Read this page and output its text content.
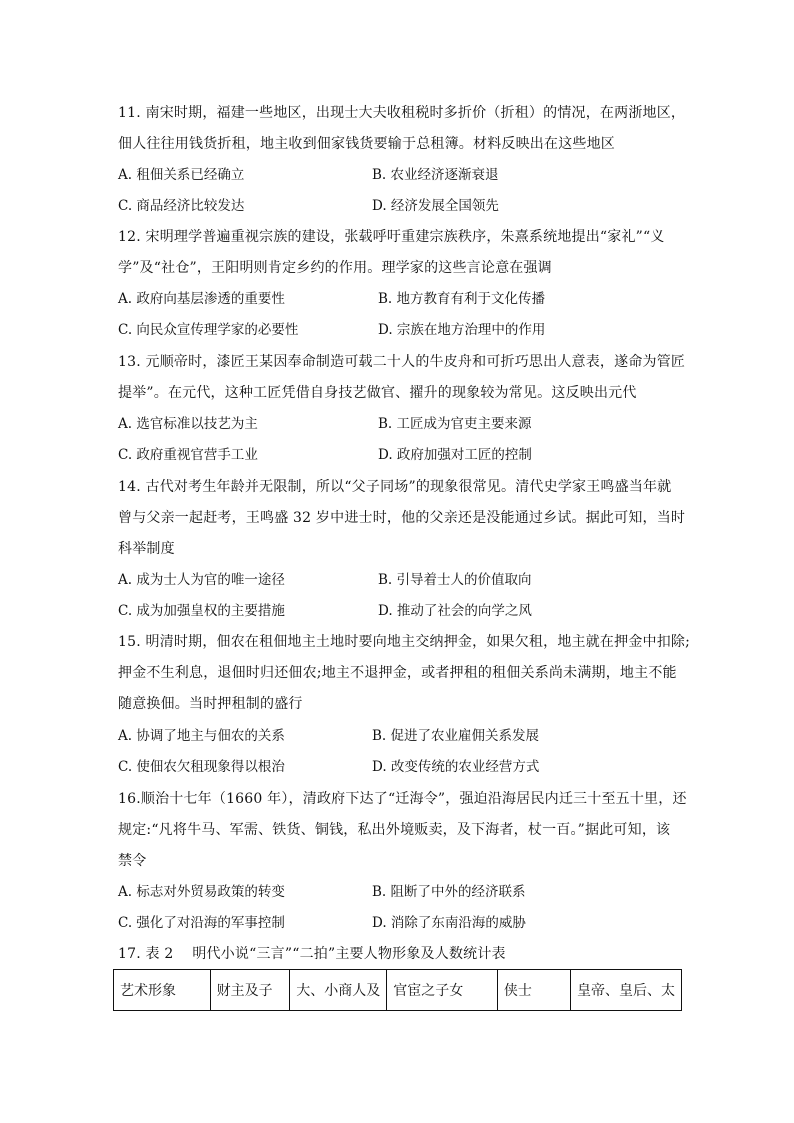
11. 南宋时期，福建一些地区，出现士大夫收租税时多折价（折租）的情况，在两浙地区，
佃人往往用钱货折租，地主收到佃家钱货要输于总租簿。材料反映出在这些地区
A. 租佃关系已经确立	B. 农业经济逐渐衰退
C. 商品经济比较发达	D. 经济发展全国领先
12. 宋明理学普遍重视宗族的建设，张载呼吁重建宗族秩序，朱熹系统地提出“家礼”“义
学”及“社仓”，王阳明则肯定乡约的作用。理学家的这些言论意在强调
A. 政府向基层渗透的重要性	B. 地方教育有利于文化传播
C. 向民众宣传理学家的必要性	D. 宗族在地方治理中的作用
13. 元顺帝时，漆匠王某因奉命制造可载二十人的牛皮舟和可折巧思出人意表，遂命为管匠
提举”。在元代，这种工匠凭借自身技艺做官、擢升的现象较为常见。这反映出元代
A. 选官标准以技艺为主	B. 工匠成为官吏主要来源
C. 政府重视官营手工业	D. 政府加强对工匠的控制
14. 古代对考生年龄并无限制，所以“父子同场”的现象很常见。清代史学家王鸣盛当年就
曾与父亲一起赶考，王鸣盛 32 岁中进士时，他的父亲还是没能通过乡试。据此可知，当时
科举制度
A. 成为士人为官的唯一途径	B. 引导着士人的价值取向
C. 成为加强皇权的主要措施	D. 推动了社会的向学之风
15. 明清时期，佃农在租佃地主土地时要向地主交纳押金，如果欠租，地主就在押金中扣除;
押金不生利息，退佃时归还佃农;地主不退押金，或者押租的租佃关系尚未满期，地主不能
随意换佃。当时押租制的盛行
A. 协调了地主与佃农的关系	B. 促进了农业雇佣关系发展
C. 使佃农欠租现象得以根治	D. 改变传统的农业经营方式
16.顺治十七年（1660 年），清政府下达了“迁海令”，强迫沿海居民内迁三十至五十里，还
规定:“凡将牛马、军需、铁货、铜钱，私出外境贩卖，及下海者，杖一百。”据此可知，该
禁令
A. 标志对外贸易政策的转变	B. 阻断了中外的经济联系
C. 强化了对沿海的军事控制	D. 消除了东南沿海的威胁
17. 表 2　 明代小说“三言”“二拍”主要人物形象及人数统计表
艺术形象	财主及子	大、小商人及	官宦之子女	侠士	皇帝、皇后、太
